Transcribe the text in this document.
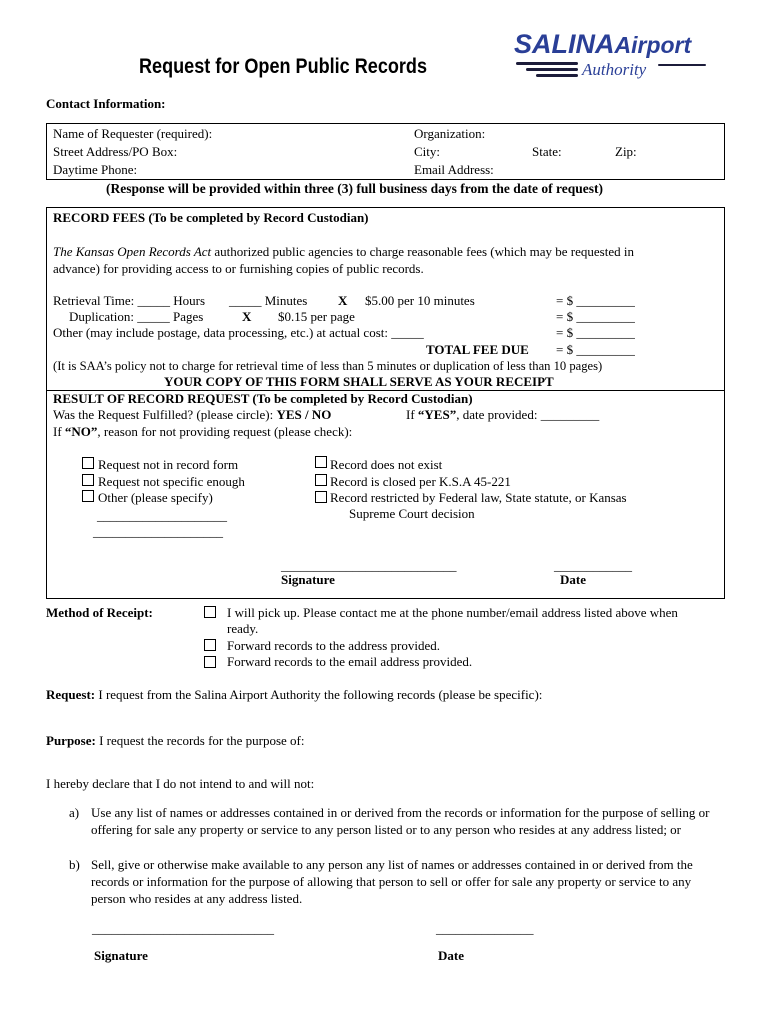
Request for Open Public Records
SALINAAirport
Authority
Contact Information:
Name of Requester (required):	Organization:
Street Address/PO Box:	City:	State:	Zip:
Daytime Phone:	Email Address:
(Response will be provided within three (3) full business days from the date of request)
RECORD FEES (To be completed by Record Custodian)
The Kansas Open Records Act authorized public agencies to charge reasonable fees (which may be requested in
advance) for providing access to or furnishing copies of public records.
Retrieval Time: _____ Hours _____ Minutes X $5.00 per 10 minutes	= $ _________
Duplication: _____ Pages	X $0.15 per page	= $ _________
Other (may include postage, data processing, etc.) at actual cost: _____	= $ _________
TOTAL FEE DUE = $ _________
(It is SAA’s policy not to charge for retrieval time of less than 5 minutes or duplication of less than 10 pages)
YOUR COPY OF THIS FORM SHALL SERVE AS YOUR RECEIPT
RESULT OF RECORD REQUEST (To be completed by Record Custodian)
Was the Request Fulfilled? (please circle): YES / NO	If “YES”, date provided: _________
If “NO”, reason for not providing request (please check):
Request not in record form
Request not specific enough
Other (please specify)
____________________
____________________
Record does not exist
Record is closed per K.S.A 45-221
Record restricted by Federal law, State statute, or Kansas
Supreme Court decision
___________________________	____________
Signature	Date
Method of Receipt:	I will pick up. Please contact me at the phone number/email address listed above when
ready.
Forward records to the address provided.
Forward records to the email address provided.
Request: I request from the Salina Airport Authority the following records (please be specific):
Purpose: I request the records for the purpose of:
I hereby declare that I do not intend to and will not:
a) Use any list of names or addresses contained in or derived from the records or information for the purpose of selling or offering for sale any property or service to any person listed or to any person who resides at any address listed; or
b) Sell, give or otherwise make available to any person any list of names or addresses contained in or derived from the records or information for the purpose of allowing that person to sell or offer for sale any property or service to any person who resides at any address listed.
____________________________	_______________
Signature	Date
